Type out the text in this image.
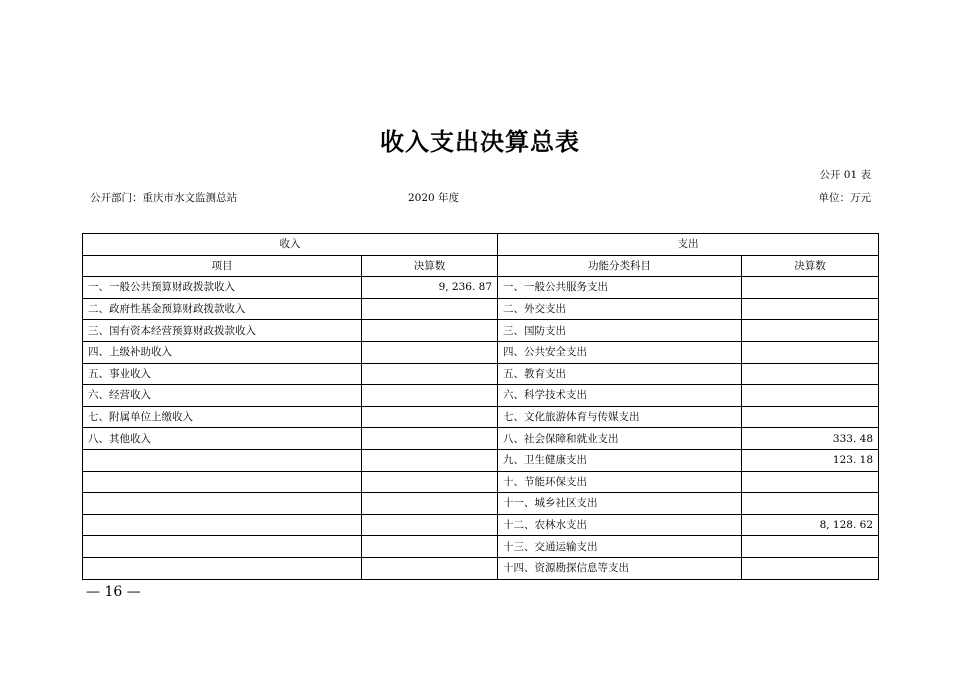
收入支出决算总表
公开 01 表
公开部门：重庆市水文监测总站	2020 年度	单位：万元
收入		支出	
项目	决算数	功能分类科目	决算数
一、一般公共预算财政拨款收入	9, 236. 87	一、一般公共服务支出	
二、政府性基金预算财政拨款收入		二、外交支出	
三、国有资本经营预算财政拨款收入		三、国防支出	
四、上级补助收入		四、公共安全支出	
五、事业收入		五、教育支出	
六、经营收入		六、科学技术支出	
七、附属单位上缴收入		七、文化旅游体育与传媒支出	
八、其他收入		八、社会保障和就业支出	333. 48
		九、卫生健康支出	123. 18
		十、节能环保支出	
		十一、城乡社区支出	
		十二、农林水支出	8, 128. 62
		十三、交通运输支出	
		十四、资源勘探信息等支出	
— 16 —
